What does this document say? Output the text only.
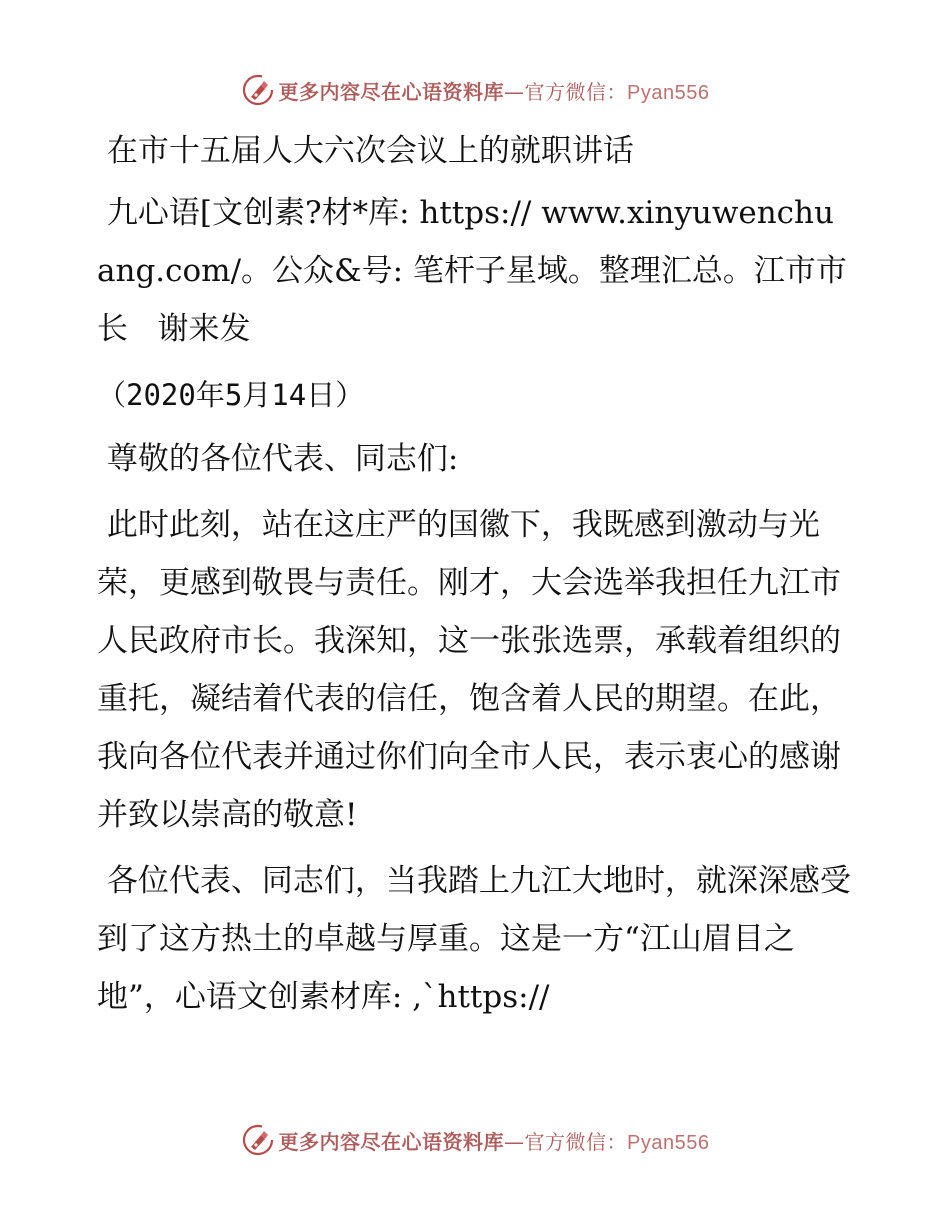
更多内容尽在心语资料库—官方微信：Pyan556

在市十五届人大六次会议上的就职讲话

九心语[文创素?材*库: https:// www.xinyuwenchuang.com/。公众&号: 笔杆子星域。整理汇总。江市市长   谢来发

（2020年5月14日）

尊敬的各位代表、同志们:

此时此刻，站在这庄严的国徽下，我既感到激动与光荣，更感到敬畏与责任。刚才，大会选举我担任九江市人民政府市长。我深知，这一张张选票，承载着组织的重托，凝结着代表的信任，饱含着人民的期望。在此，我向各位代表并通过你们向全市人民，表示衷心的感谢并致以崇高的敬意!

各位代表、同志们，当我踏上九江大地时，就深深感受到了这方热土的卓越与厚重。这是一方“江山眉目之地”，心语文创素材库: ,`https://

更多内容尽在心语资料库—官方微信：Pyan556
